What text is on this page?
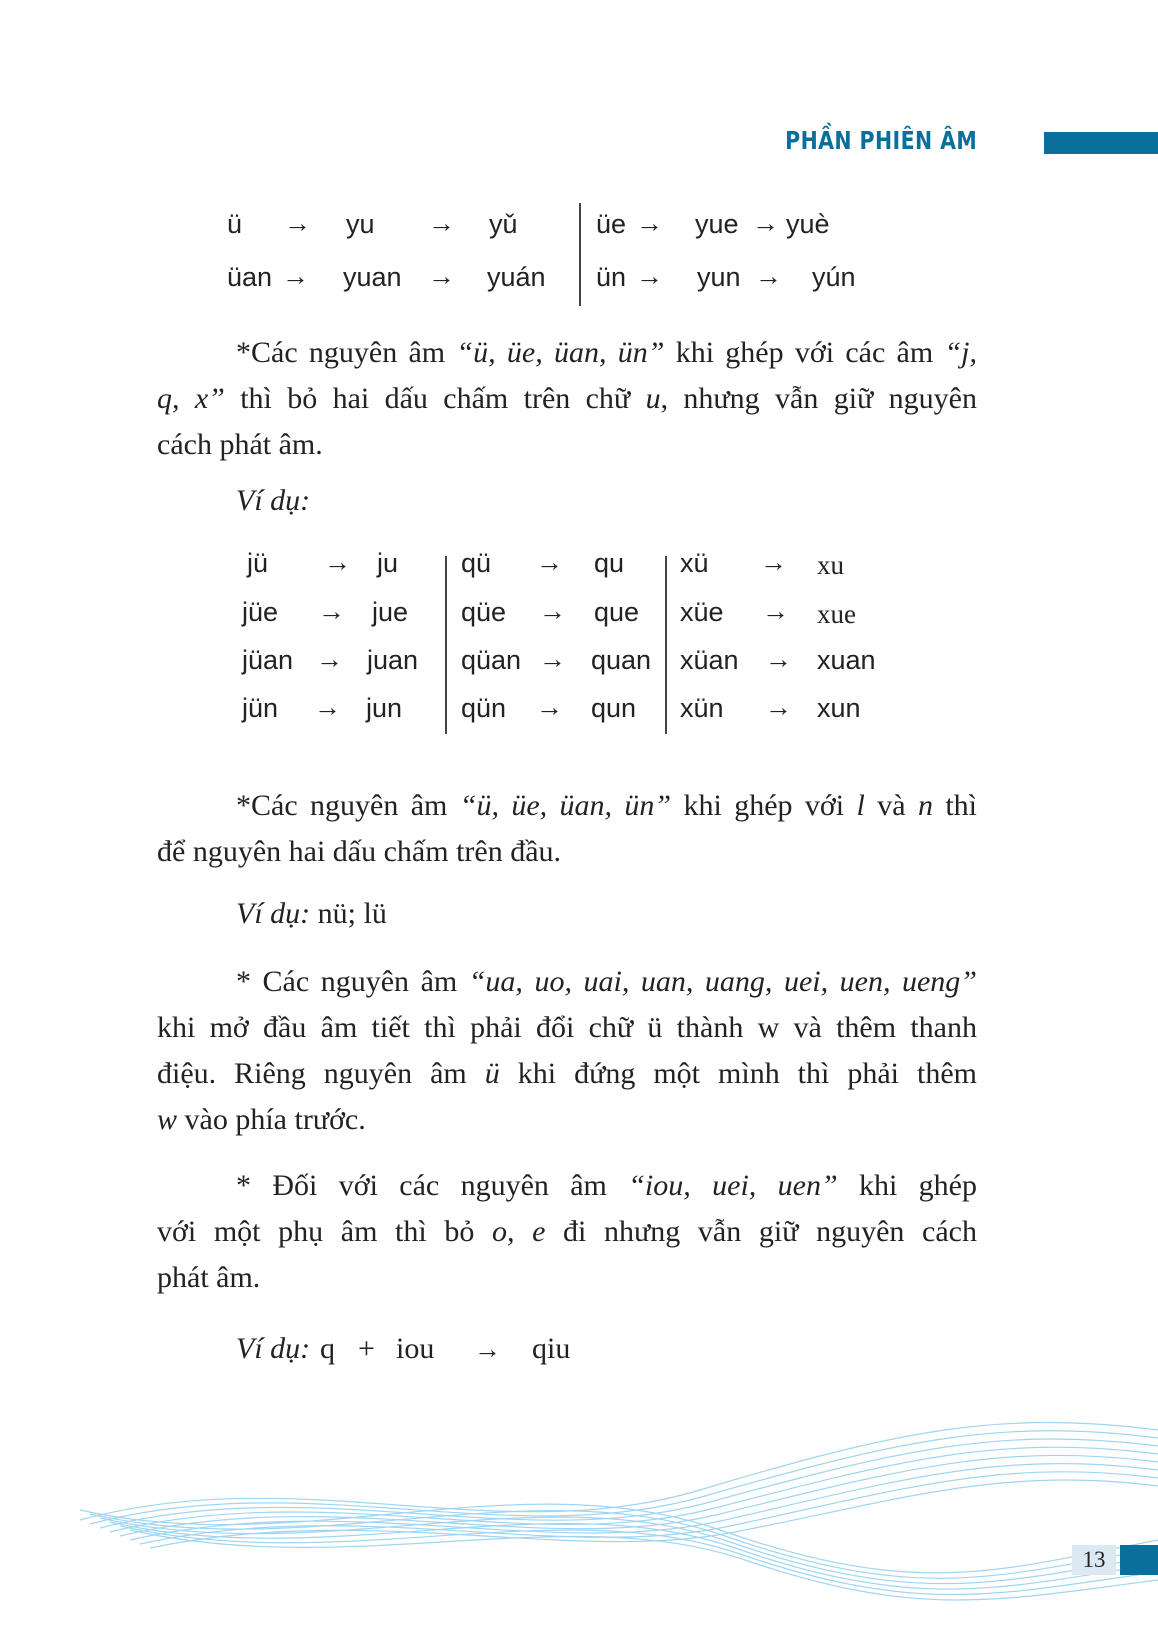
PHẦN PHIÊN ÂM
ü → yu → yǔ
üan → yuan → yuán
üe → yue → yuè
ün → yun → yún

*Các nguyên âm “ü, üe, üan, ün” khi ghép với các âm “j,
q, x” thì bỏ hai dấu chấm trên chữ u, nhưng vẫn giữ nguyên
cách phát âm.

Ví dụ:
jü → ju
jüe → jue
jüan → juan
jün → jun
qü → qu
qüe → que
qüan → quan
qün → qun
xü → xu
xüe → xue
xüan → xuan
xün → xun

*Các nguyên âm “ü, üe, üan, ün” khi ghép với l và n thì
để nguyên hai dấu chấm trên đầu.

Ví dụ: nü; lü

* Các nguyên âm “ua, uo, uai, uan, uang, uei, uen, ueng”
khi mở đầu âm tiết thì phải đổi chữ ü thành w và thêm thanh
điệu. Riêng nguyên âm ü khi đứng một mình thì phải thêm
w vào phía trước.

* Đối với các nguyên âm “iou, uei, uen” khi ghép
với một phụ âm thì bỏ o, e đi nhưng vẫn giữ nguyên cách
phát âm.

Ví dụ: q + iou → qiu
13
